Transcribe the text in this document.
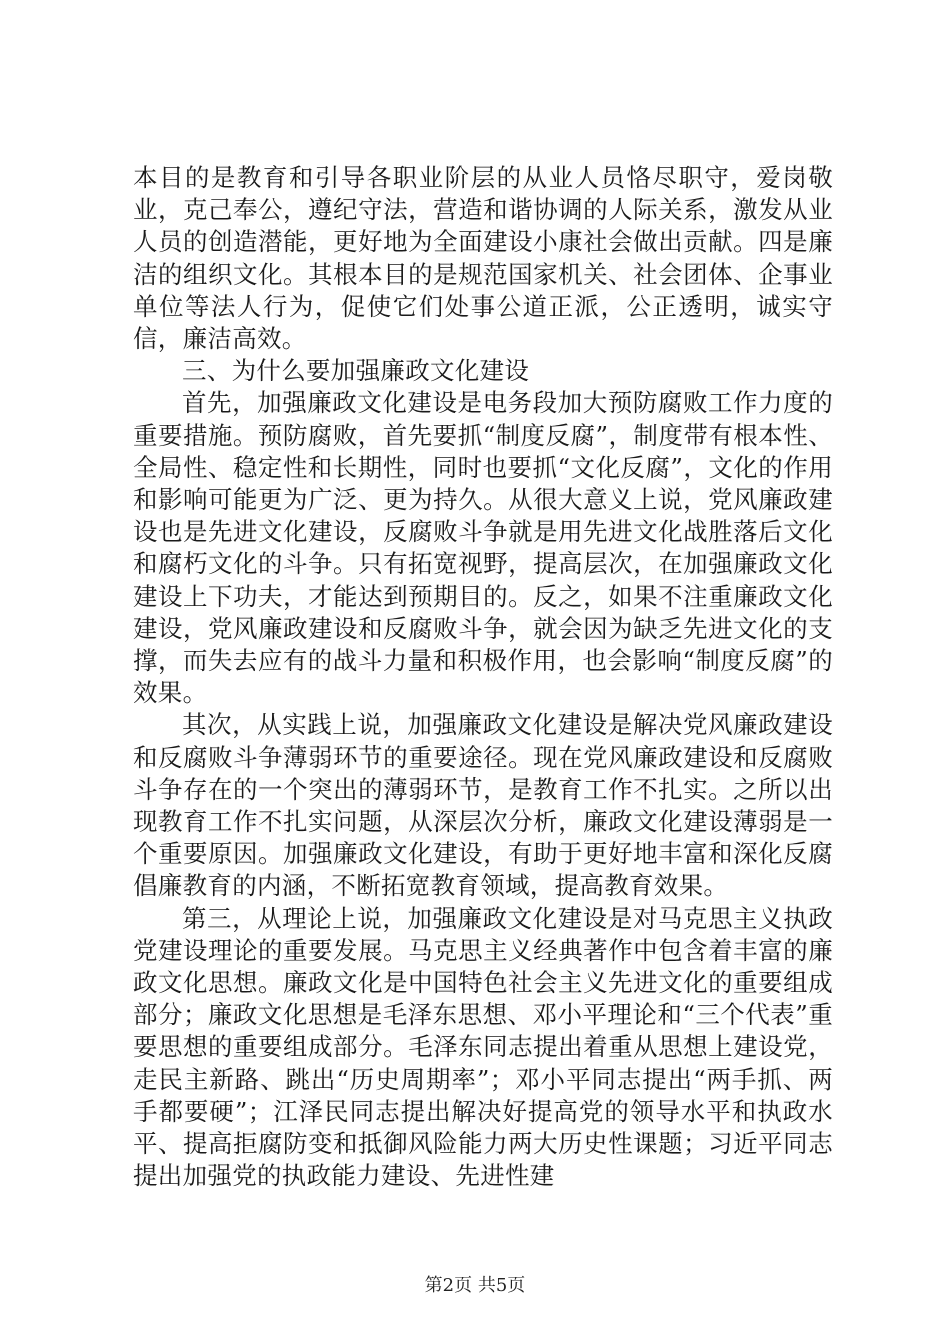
本目的是教育和引导各职业阶层的从业人员恪尽职守，爱岗敬业，克己奉公，遵纪守法，营造和谐协调的人际关系，激发从业人员的创造潜能，更好地为全面建设小康社会做出贡献。四是廉洁的组织文化。其根本目的是规范国家机关、社会团体、企事业单位等法人行为，促使它们处事公道正派，公正透明，诚实守信，廉洁高效。

三、为什么要加强廉政文化建设

首先，加强廉政文化建设是电务段加大预防腐败工作力度的重要措施。预防腐败，首先要抓“制度反腐”，制度带有根本性、全局性、稳定性和长期性，同时也要抓“文化反腐”，文化的作用和影响可能更为广泛、更为持久。从很大意义上说，党风廉政建设也是先进文化建设，反腐败斗争就是用先进文化战胜落后文化和腐朽文化的斗争。只有拓宽视野，提高层次，在加强廉政文化建设上下功夫，才能达到预期目的。反之，如果不注重廉政文化建设，党风廉政建设和反腐败斗争，就会因为缺乏先进文化的支撑，而失去应有的战斗力量和积极作用，也会影响“制度反腐”的效果。

其次，从实践上说，加强廉政文化建设是解决党风廉政建设和反腐败斗争薄弱环节的重要途径。现在党风廉政建设和反腐败斗争存在的一个突出的薄弱环节，是教育工作不扎实。之所以出现教育工作不扎实问题，从深层次分析，廉政文化建设薄弱是一个重要原因。加强廉政文化建设，有助于更好地丰富和深化反腐倡廉教育的内涵，不断拓宽教育领域，提高教育效果。

第三，从理论上说，加强廉政文化建设是对马克思主义执政党建设理论的重要发展。马克思主义经典著作中包含着丰富的廉政文化思想。廉政文化是中国特色社会主义先进文化的重要组成部分；廉政文化思想是毛泽东思想、邓小平理论和“三个代表”重要思想的重要组成部分。毛泽东同志提出着重从思想上建设党，走民主新路、跳出“历史周期率”；邓小平同志提出“两手抓、两手都要硬”；江泽民同志提出解决好提高党的领导水平和执政水平、提高拒腐防变和抵御风险能力两大历史性课题；习近平同志提出加强党的执政能力建设、先进性建

第2页 共5页
